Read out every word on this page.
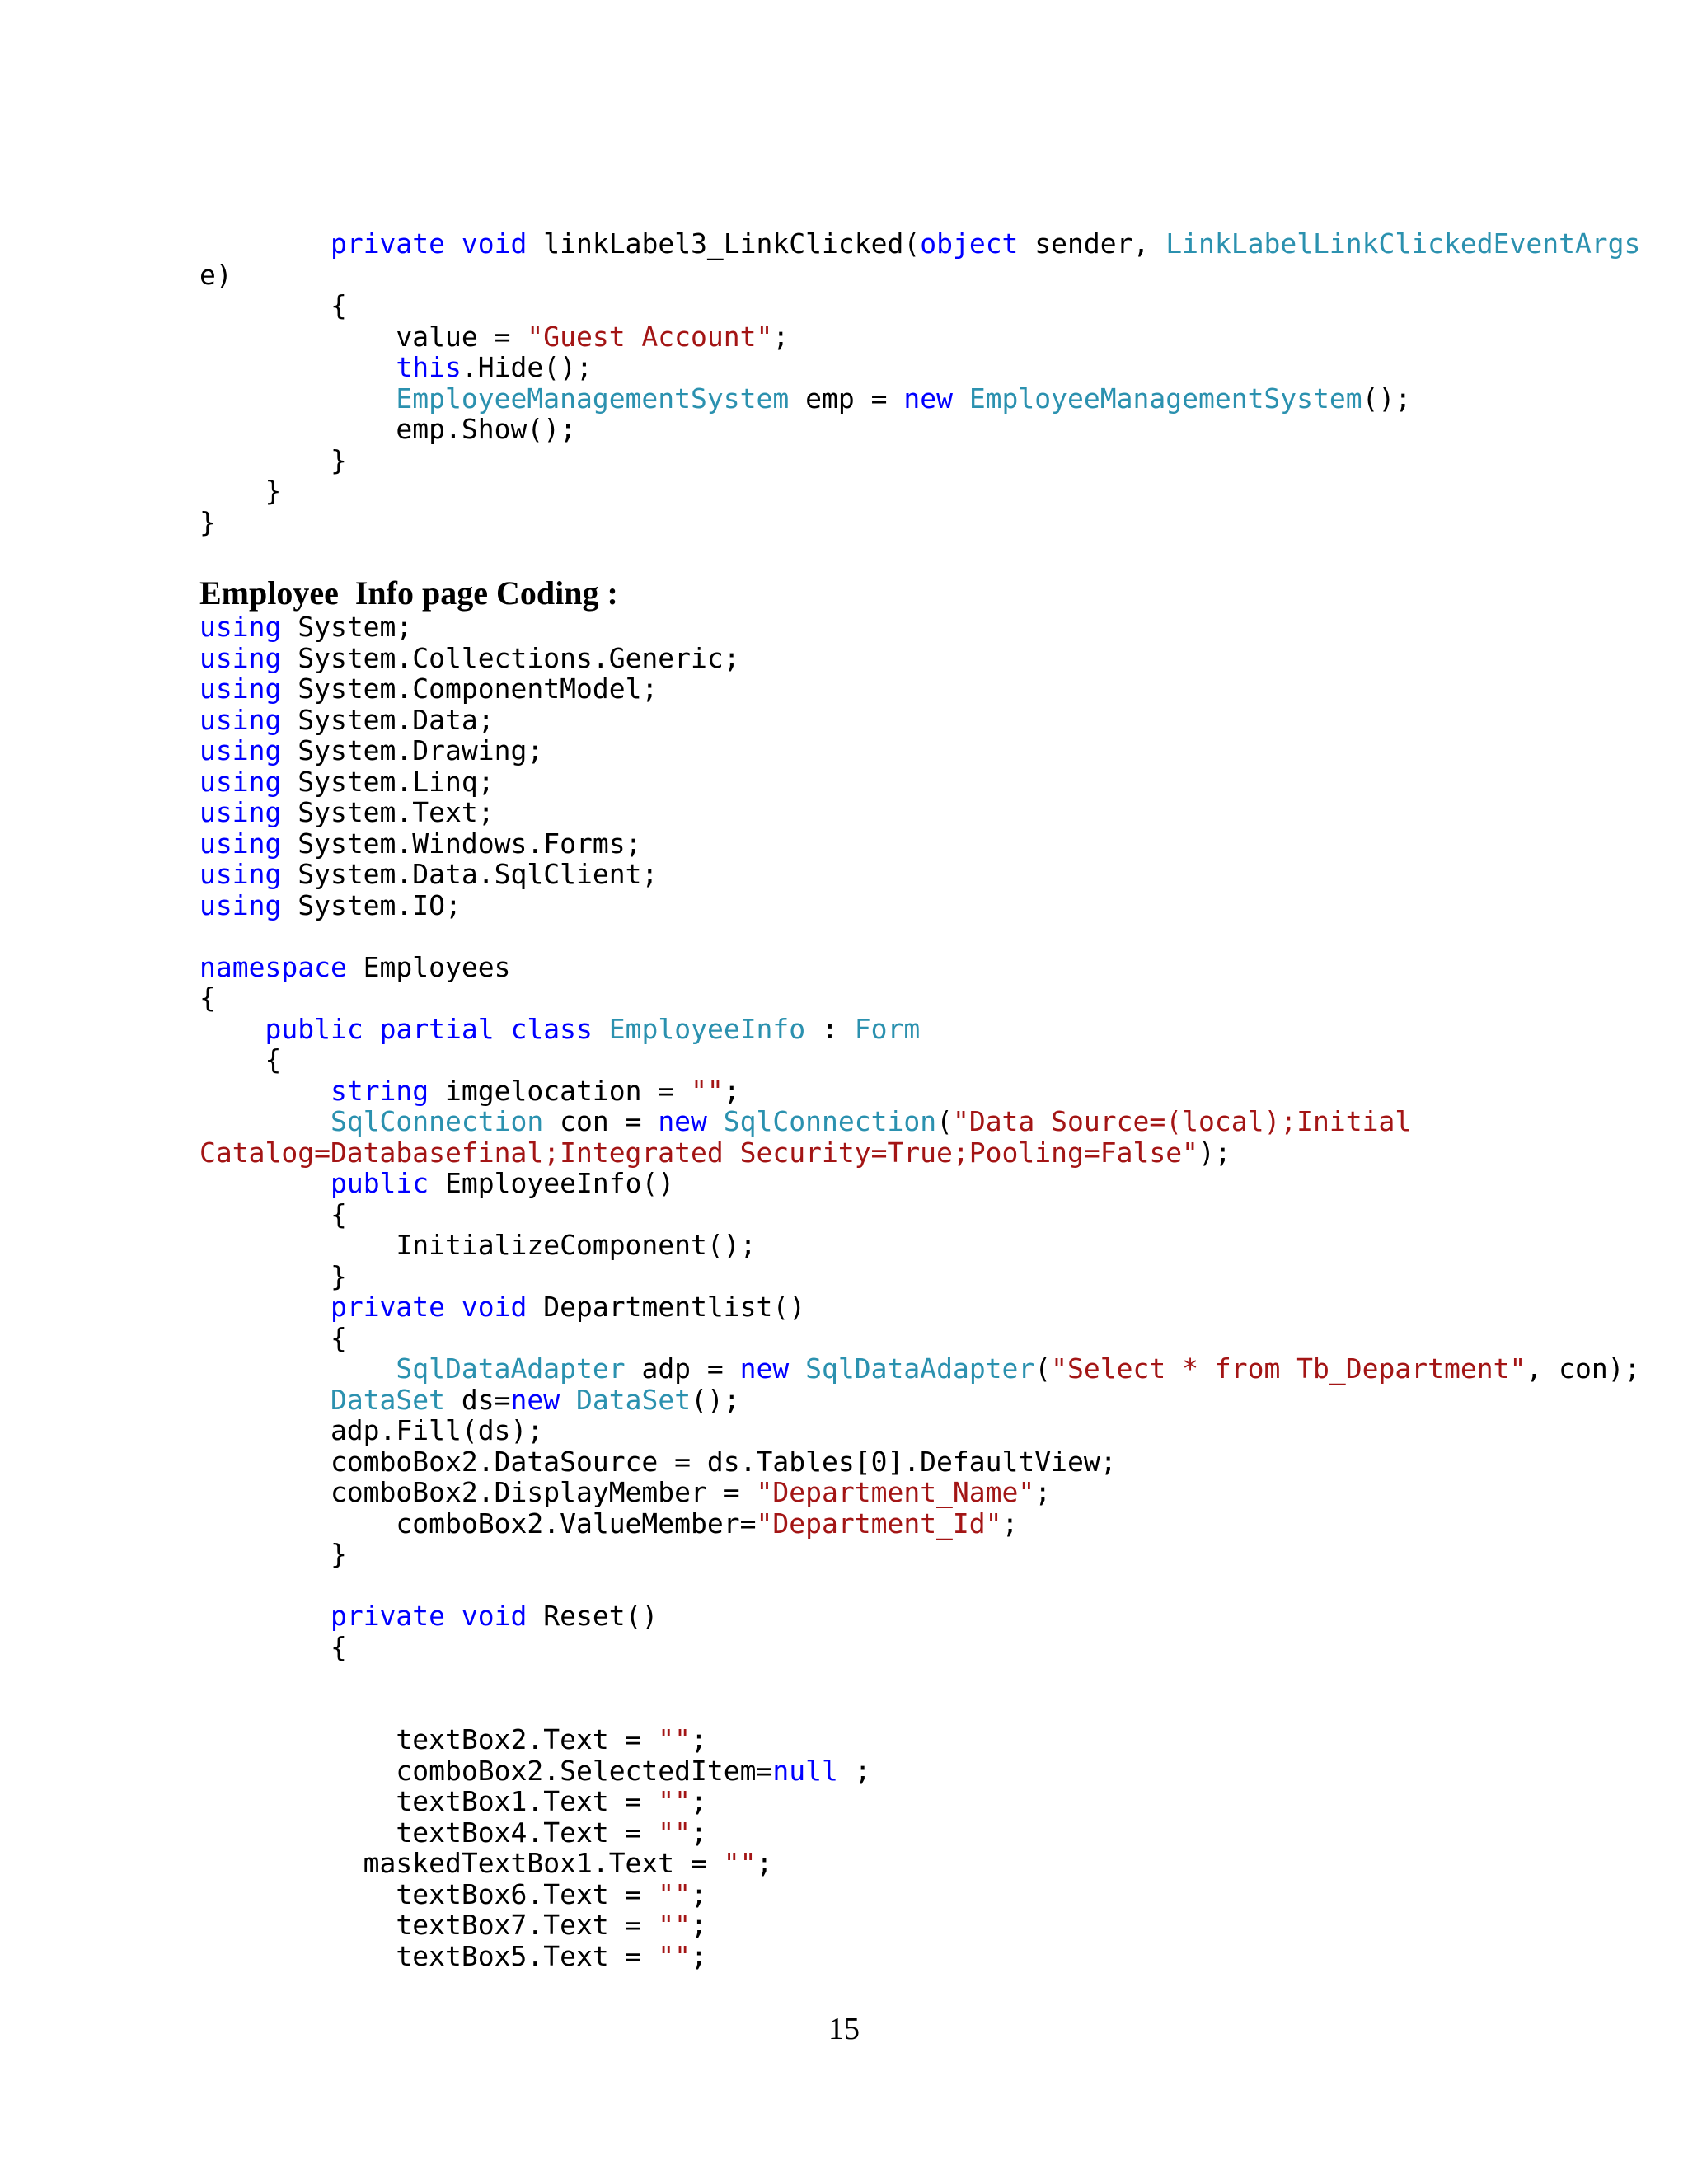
private void linkLabel3_LinkClicked(object sender, LinkLabelLinkClickedEventArgs
e)
{
value = "Guest Account";
this.Hide();
EmployeeManagementSystem emp = new EmployeeManagementSystem();
emp.Show();
}
}
}
Employee  Info page Coding :
using System;
using System.Collections.Generic;
using System.ComponentModel;
using System.Data;
using System.Drawing;
using System.Linq;
using System.Text;
using System.Windows.Forms;
using System.Data.SqlClient;
using System.IO;
namespace Employees
{
public partial class EmployeeInfo : Form
{
string imgelocation = "";
SqlConnection con = new SqlConnection("Data Source=(local);Initial
Catalog=Databasefinal;Integrated Security=True;Pooling=False");
public EmployeeInfo()
{
InitializeComponent();
}
private void Departmentlist()
{
SqlDataAdapter adp = new SqlDataAdapter("Select * from Tb_Department", con);
DataSet ds=new DataSet();
adp.Fill(ds);
comboBox2.DataSource = ds.Tables[0].DefaultView;
comboBox2.DisplayMember = "Department_Name";
comboBox2.ValueMember="Department_Id";
}
private void Reset()
{
textBox2.Text = "";
comboBox2.SelectedItem=null ;
textBox1.Text = "";
textBox4.Text = "";
maskedTextBox1.Text = "";
textBox6.Text = "";
textBox7.Text = "";
textBox5.Text = "";
15
